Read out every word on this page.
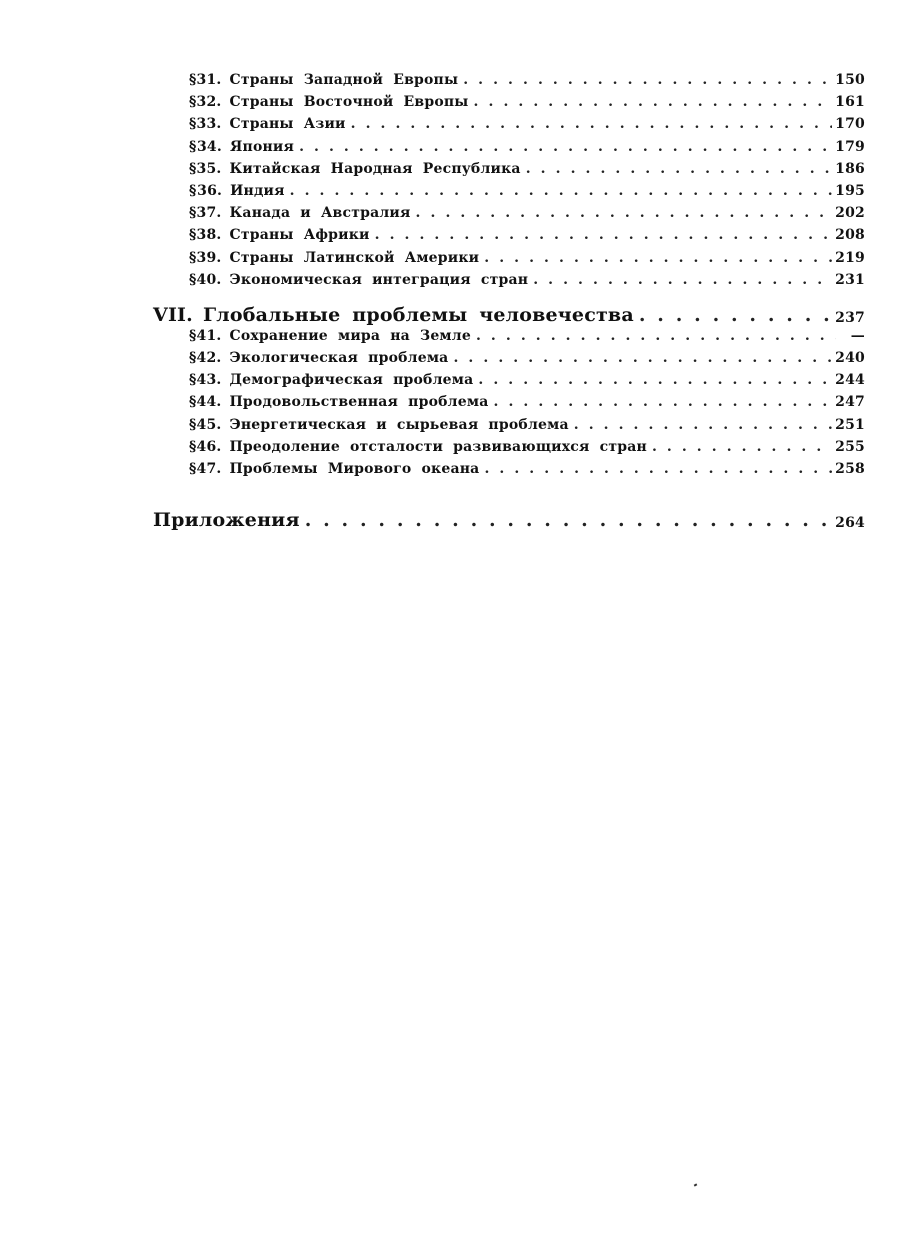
§ 31. Страны Западной Европы . . .	150
§ 32. Страны Восточной Европы . . .	161
§ 33. Страны Азии . . .	170
§ 34. Япония . . .	179
§ 35. Китайская Народная Республика . . .	186
§ 36. Индия . . .	195
§ 37. Канада и Австралия . . .	202
§ 38. Страны Африки . . .	208
§ 39. Страны Латинской Америки . . .	219
§ 40. Экономическая интеграция стран . . .	231
VII. Глобальные проблемы человечества . . .	237
§ 41. Сохранение мира на Земле . . .	—
§ 42. Экологическая проблема . . .	240
§ 43. Демографическая проблема . . .	244
§ 44. Продовольственная проблема . . .	247
§ 45. Энергетическая и сырьевая проблема . . .	251
§ 46. Преодоление отсталости развивающихся стран . . .	255
§ 47. Проблемы Мирового океана . . .	258
Приложения . . .	264
